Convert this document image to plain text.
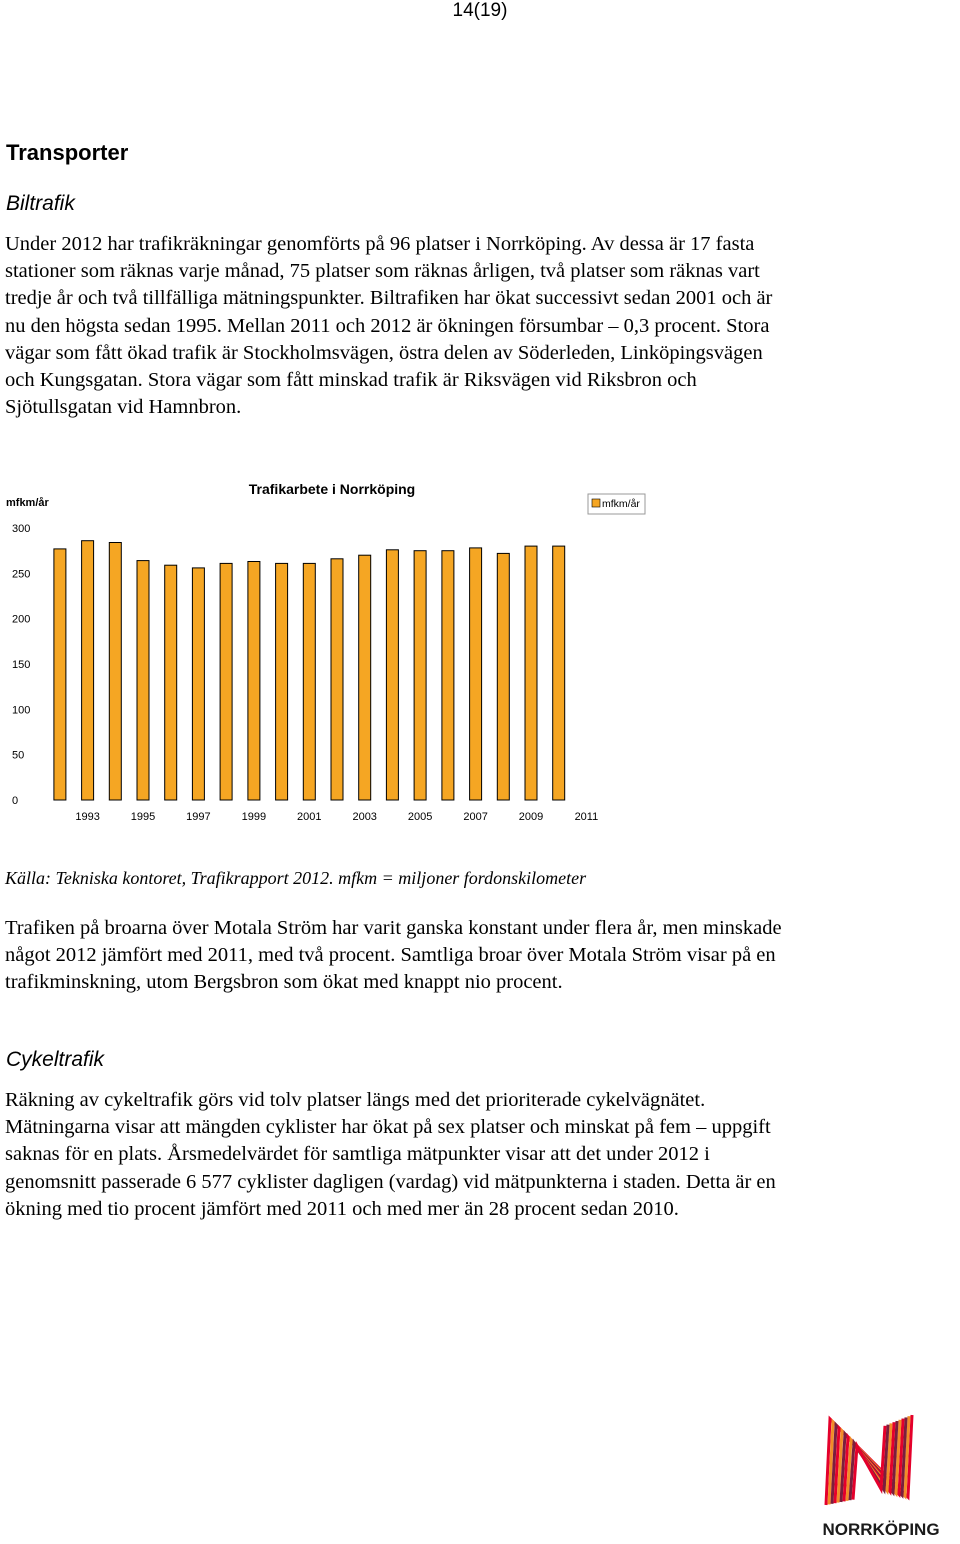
14(19)
Transporter
Biltrafik

Under 2012 har trafikräkningar genomförts på 96 platser i Norrköping. Av dessa är 17 fasta stationer som räknas varje månad, 75 platser som räknas årligen, två platser som räknas vart tredje år och två tillfälliga mätningspunkter. Biltrafiken har ökat successivt sedan 2001 och är nu den högsta sedan 1995. Mellan 2011 och 2012 är ökningen försumbar – 0,3 procent. Stora vägar som fått ökad trafik är Stockholmsvägen, östra delen av Söderleden, Linköpingsvägen och Kungsgatan. Stora vägar som fått minskad trafik är Riksvägen vid Riksbron och Sjötullsgatan vid Hamnbron.

mfkm/år
Trafikarbete i Norrköping
mfkm/år
0
50
100
150
200
250
300
1993	1995	1997	1999	2001	2003	2005	2007	2009	2011

Källa: Tekniska kontoret, Trafikrapport 2012. mfkm = miljoner fordonskilometer

Trafiken på broarna över Motala Ström har varit ganska konstant under flera år, men minskade något 2012 jämfört med 2011, med två procent. Samtliga broar över Motala Ström visar på en trafikminskning, utom Bergsbron som ökat med knappt nio procent.

Cykeltrafik

Räkning av cykeltrafik görs vid tolv platser längs med det prioriterade cykelvägnätet. Mätningarna visar att mängden cyklister har ökat på sex platser och minskat på fem – uppgift saknas för en plats. Årsmedelvärdet för samtliga mätpunkter visar att det under 2012 i genomsnitt passerade 6 577 cyklister dagligen (vardag) vid mätpunkterna i staden. Detta är en ökning med tio procent jämfört med 2011 och med mer än 28 procent sedan 2010.

NORRKÖPING
